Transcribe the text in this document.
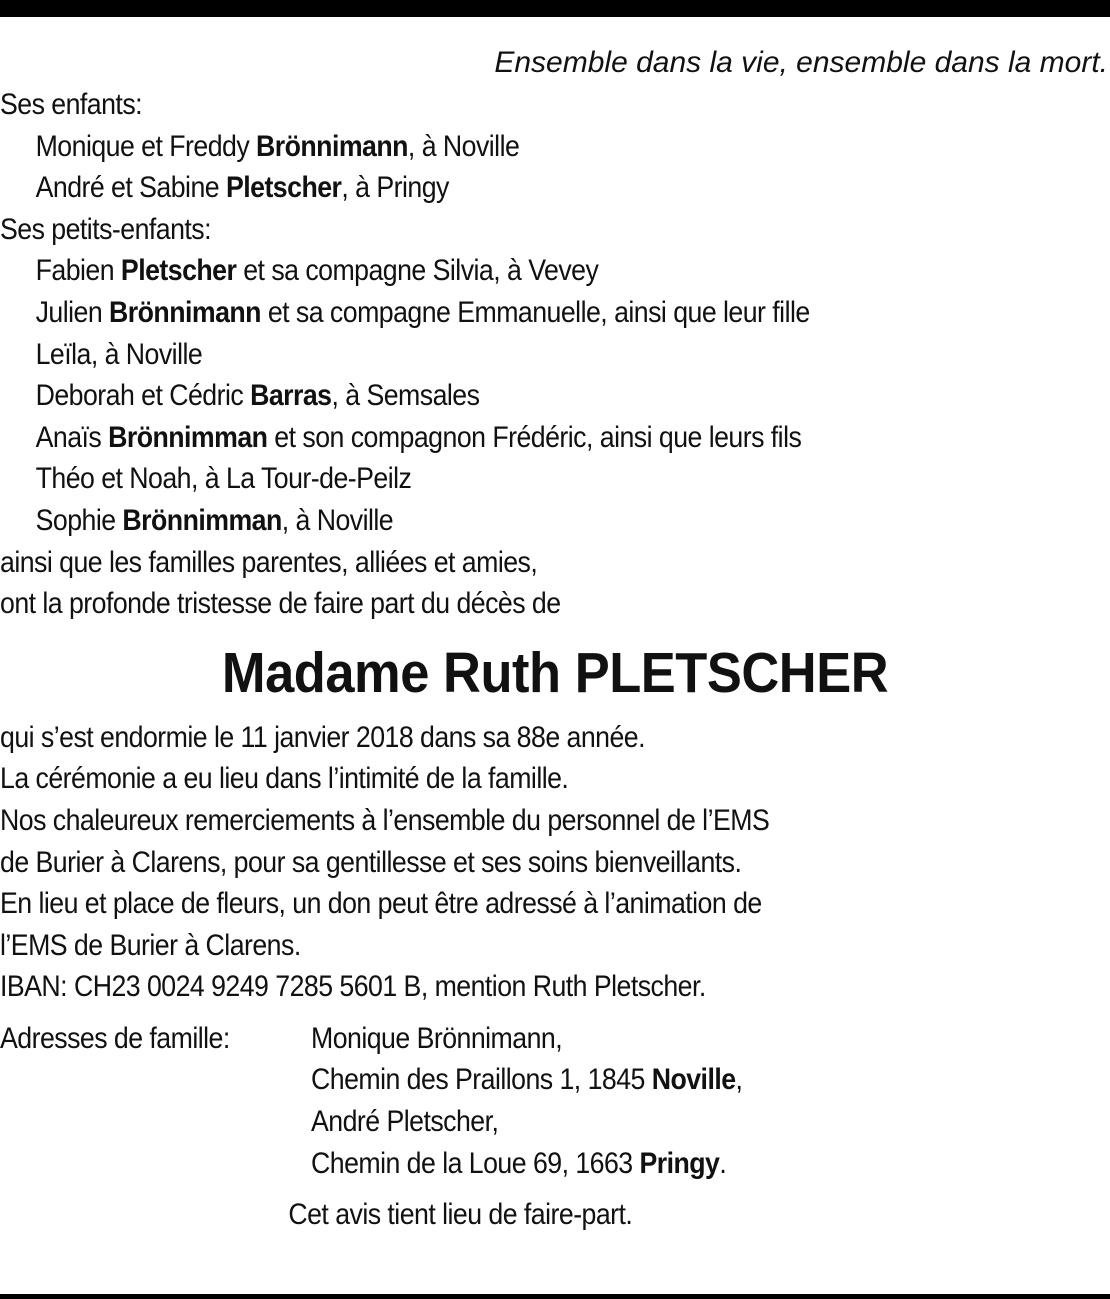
Ensemble dans la vie, ensemble dans la mort.
Ses enfants:
Monique et Freddy Brönnimann, à Noville
André et Sabine Pletscher, à Pringy
Ses petits-enfants:
Fabien Pletscher et sa compagne Silvia, à Vevey
Julien Brönnimann et sa compagne Emmanuelle, ainsi que leur fille
Leïla, à Noville
Deborah et Cédric Barras, à Semsales
Anaïs Brönnimman et son compagnon Frédéric, ainsi que leurs fils
Théo et Noah, à La Tour-de-Peilz
Sophie Brönnimman, à Noville
ainsi que les familles parentes, alliées et amies,
ont la profonde tristesse de faire part du décès de
Madame Ruth PLETSCHER
qui s’est endormie le 11 janvier 2018 dans sa 88e année.
La cérémonie a eu lieu dans l’intimité de la famille.
Nos chaleureux remerciements à l’ensemble du personnel de l’EMS
de Burier à Clarens, pour sa gentillesse et ses soins bienveillants.
En lieu et place de fleurs, un don peut être adressé à l’animation de
l’EMS de Burier à Clarens.
IBAN: CH23 0024 9249 7285 5601 B, mention Ruth Pletscher.
Adresses de famille:	Monique Brönnimann,
Chemin des Praillons 1, 1845 Noville,
André Pletscher,
Chemin de la Loue 69, 1663 Pringy.
Cet avis tient lieu de faire-part.
